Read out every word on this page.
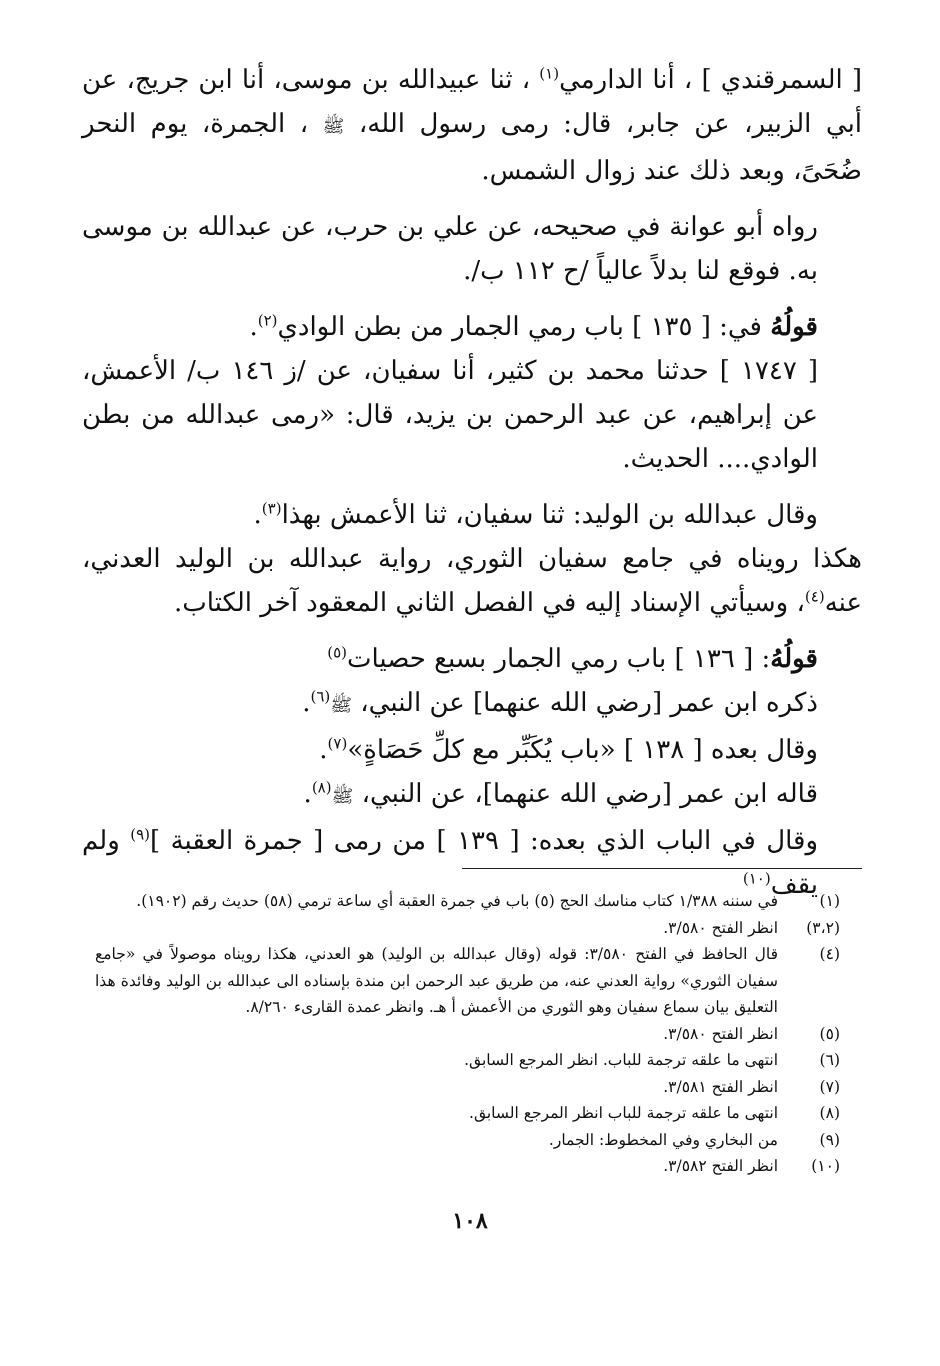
[ السمرقندي ] ، أنا الدارمي$^{(١)}$ ، ثنا عبيدالله بن موسى، أنا ابن جريج، عن أبي الزبير، عن جابر، قال: رمى رسول الله، ﷺ ، الجمرة، يوم النحر ضُحَىً، وبعد ذلك عند زوال الشمس.

رواه أبو عوانة في صحيحه، عن علي بن حرب، عن عبدالله بن موسى به. فوقع لنا بدلاً عالياً /ح ١١٢ ب/.

قولُهُ في: [ ١٣٥ ] باب رمي الجمار من بطن الوادي$^{(٢)}$.

[ ١٧٤٧ ] حدثنا محمد بن كثير، أنا سفيان، عن /ز ١٤٦ ب/ الأعمش، عن إبراهيم، عن عبد الرحمن بن يزيد، قال: «رمى عبدالله من بطن الوادي.... الحديث.

وقال عبدالله بن الوليد: ثنا سفيان، ثنا الأعمش بهذا$^{(٣)}$.

هكذا رويناه في جامع سفيان الثوري، رواية عبدالله بن الوليد العدني، عنه$^{(٤)}$، وسيأتي الإسناد إليه في الفصل الثاني المعقود آخر الكتاب.

قولُهُ: [ ١٣٦ ] باب رمي الجمار بسبع حصيات$^{(٥)}$

ذكره ابن عمر [رضي الله عنهما] عن النبي، ﷺ$^{(٦)}$.

وقال بعده [ ١٣٨ ] «باب يُكَبِّر مع كلِّ حَصَاةٍ»$^{(٧)}$.

قاله ابن عمر [رضي الله عنهما]، عن النبي، ﷺ$^{(٨)}$.

وقال في الباب الذي بعده: [ ١٣٩ ] من رمى [ جمرة العقبة ]$^{(٩)}$ ولم يقف$^{(١٠)}$

(١)
في سننه ١/٣٨٨ كتاب مناسك الحج (٥) باب في جمرة العقبة أي ساعة ترمي (٥٨) حديث رقم (١٩٠٢).

(٣،٢)
انظر الفتح ٣/٥٨٠.

(٤)
قال الحافظ في الفتح ٣/٥٨٠: قوله (وقال عبدالله بن الوليد) هو العدني، هكذا رويناه موصولاً في «جامع سفيان الثوري» رواية العدني عنه، من طريق عبد الرحمن ابن مندة بإسناده الى عبدالله بن الوليد وفائدة هذا التعليق بيان سماع سفيان وهو الثوري من الأعمش أ هـ. وانظر عمدة القارىء ٨/٢٦٠.

(٥)
انظر الفتح ٣/٥٨٠.

(٦)
انتهى ما علقه ترجمة للباب. انظر المرجع السابق.

(٧)
انظر الفتح ٣/٥٨١.

(٨)
انتهى ما علقه ترجمة للباب انظر المرجع السابق.

(٩)
من البخاري وفي المخطوط: الجمار.

(١٠)
انظر الفتح ٣/٥٨٢.

١٠٨
